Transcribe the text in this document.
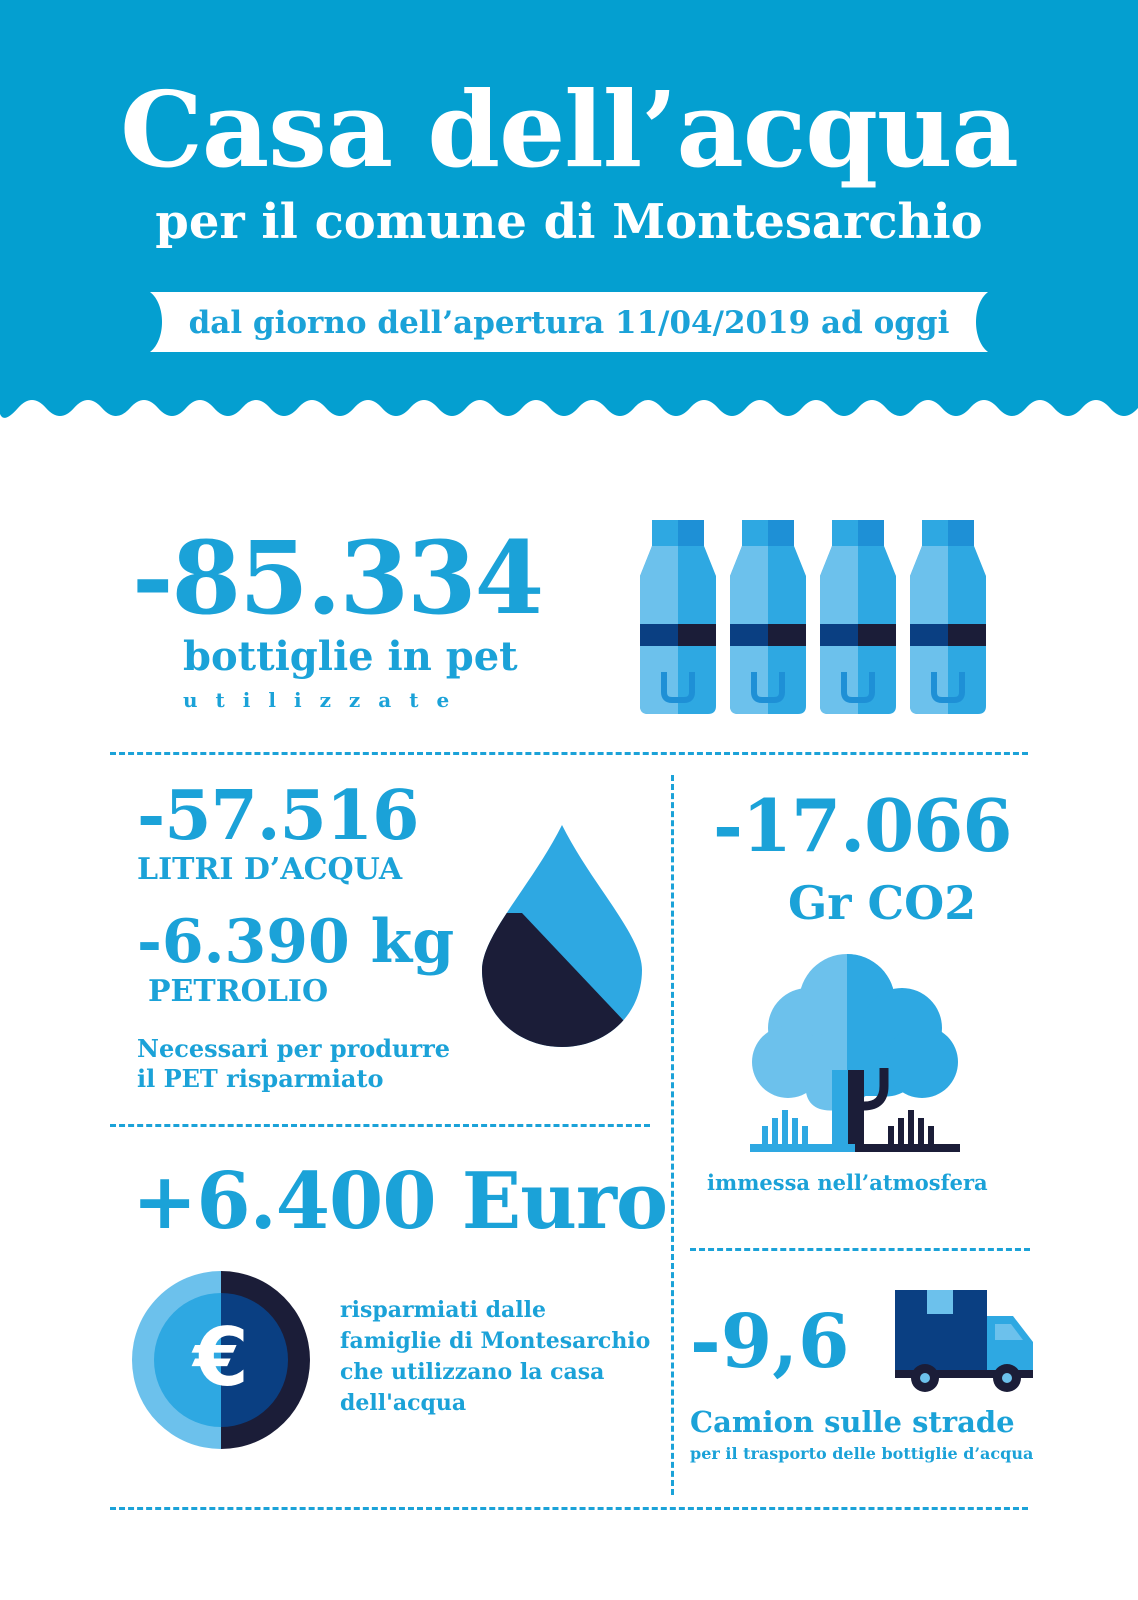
Casa dell’acqua
per il comune di Montesarchio
dal giorno dell’apertura 11/04/2019 ad oggi
-85.334
bottiglie in pet
utilizzate
-57.516
LITRI D’ACQUA
-6.390 kg
PETROLIO
Necessari per produrre
il PET risparmiato
-17.066
Gr CO2
immessa nell’atmosfera
+6.400 Euro
€
risparmiati dalle
famiglie di Montesarchio
che utilizzano la casa
dell'acqua
-9,6
Camion sulle strade
per il trasporto delle bottiglie d’acqua
